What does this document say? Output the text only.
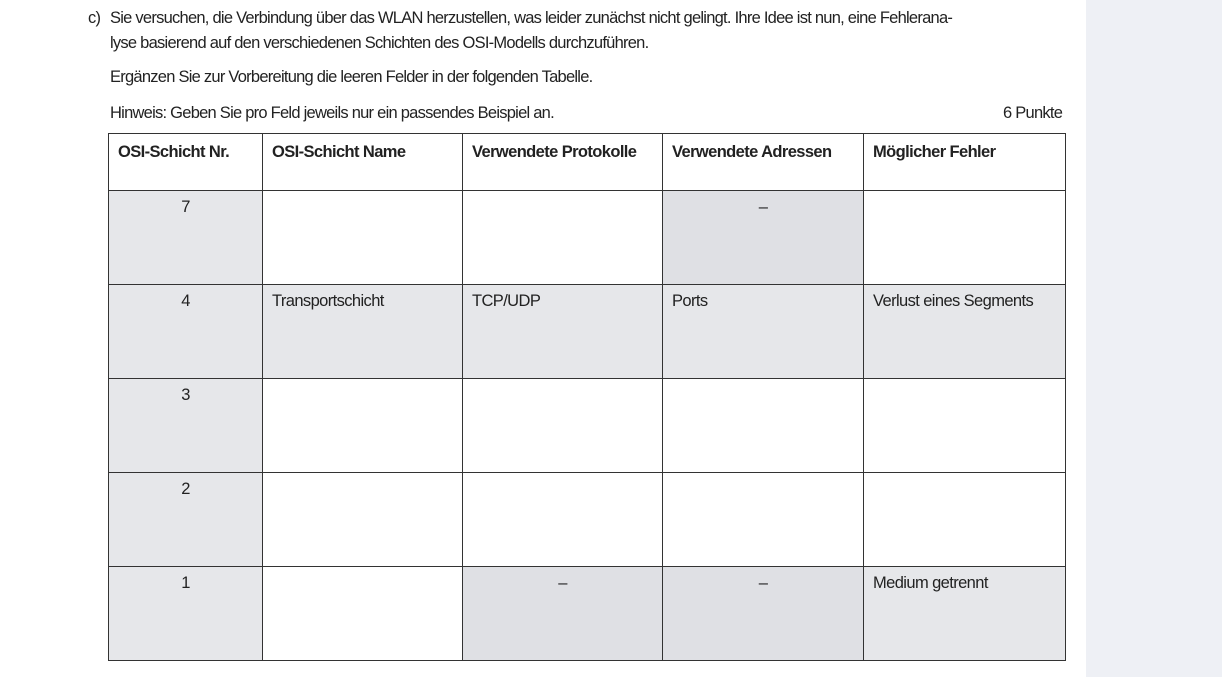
c) Sie versuchen, die Verbindung über das WLAN herzustellen, was leider zunächst nicht gelingt. Ihre Idee ist nun, eine Fehlerana-
lyse basierend auf den verschiedenen Schichten des OSI-Modells durchzuführen.
Ergänzen Sie zur Vorbereitung die leeren Felder in der folgenden Tabelle.
Hinweis: Geben Sie pro Feld jeweils nur ein passendes Beispiel an.	6 Punkte
OSI-Schicht Nr.	OSI-Schicht Name	Verwendete Protokolle	Verwendete Adressen	Möglicher Fehler
7			–	
4	Transportschicht	TCP/UDP	Ports	Verlust eines Segments
3				
2				
1		–	–	Medium getrennt
